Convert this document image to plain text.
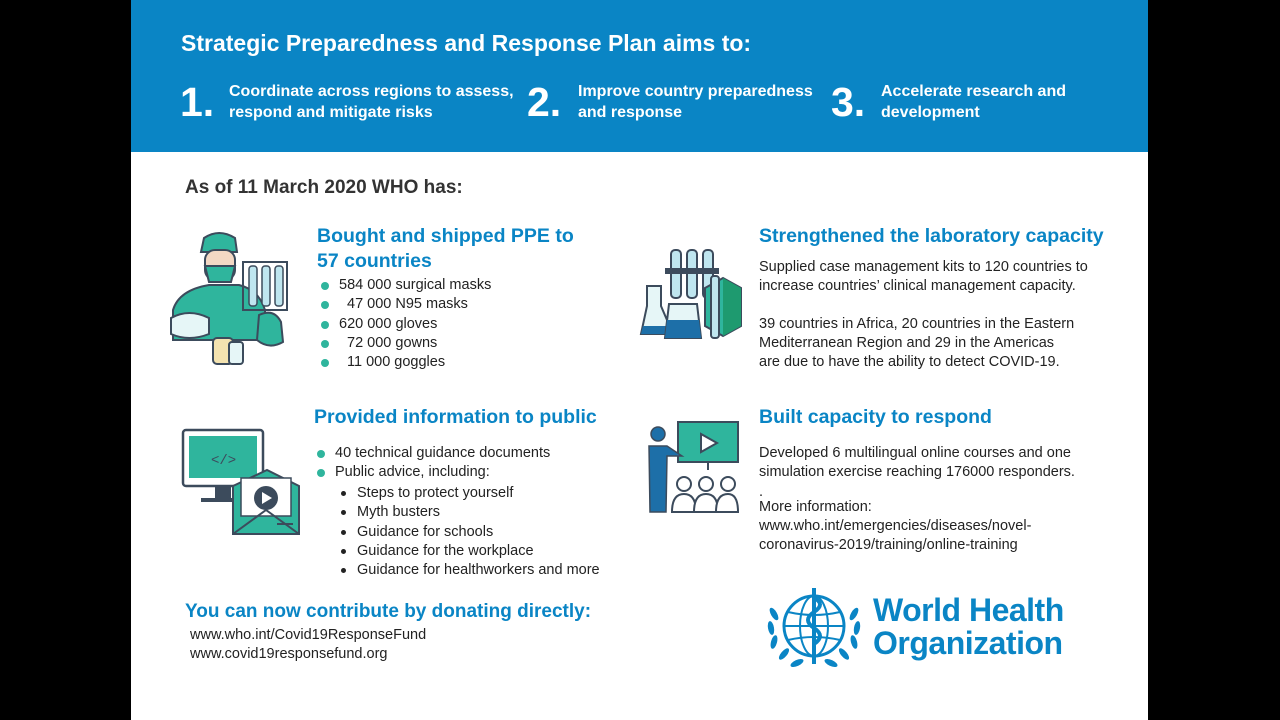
Strategic Preparedness and Response Plan aims to:
1. Coordinate across regions to assess,
respond and mitigate risks	2. Improve country preparedness
and response	3. Accelerate research and
development
As of 11 March 2020 WHO has:
Bought and shipped PPE to
57 countries
584 000 surgical masks
47 000 N95 masks
620 000 gloves
72 000 gowns
11 000 goggles
Strengthened the laboratory capacity
Supplied case management kits to 120 countries to
increase countries’ clinical management capacity.
39 countries in Africa, 20 countries in the Eastern
Mediterranean Region and 29 in the Americas
are due to have the ability to detect COVID-19.
</>
Provided information to public
40 technical guidance documents
Public advice, including:
Steps to protect yourself
Myth busters
Guidance for schools
Guidance for the workplace
Guidance for healthworkers and more
Built capacity to respond
Developed 6 multilingual online courses and one
simulation exercise reaching 176000 responders.
.
More information:
www.who.int/emergencies/diseases/novel-
coronavirus-2019/training/online-training
You can now contribute by donating directly:
www.who.int/Covid19ResponseFund
www.covid19responsefund.org
World Health
Organization
